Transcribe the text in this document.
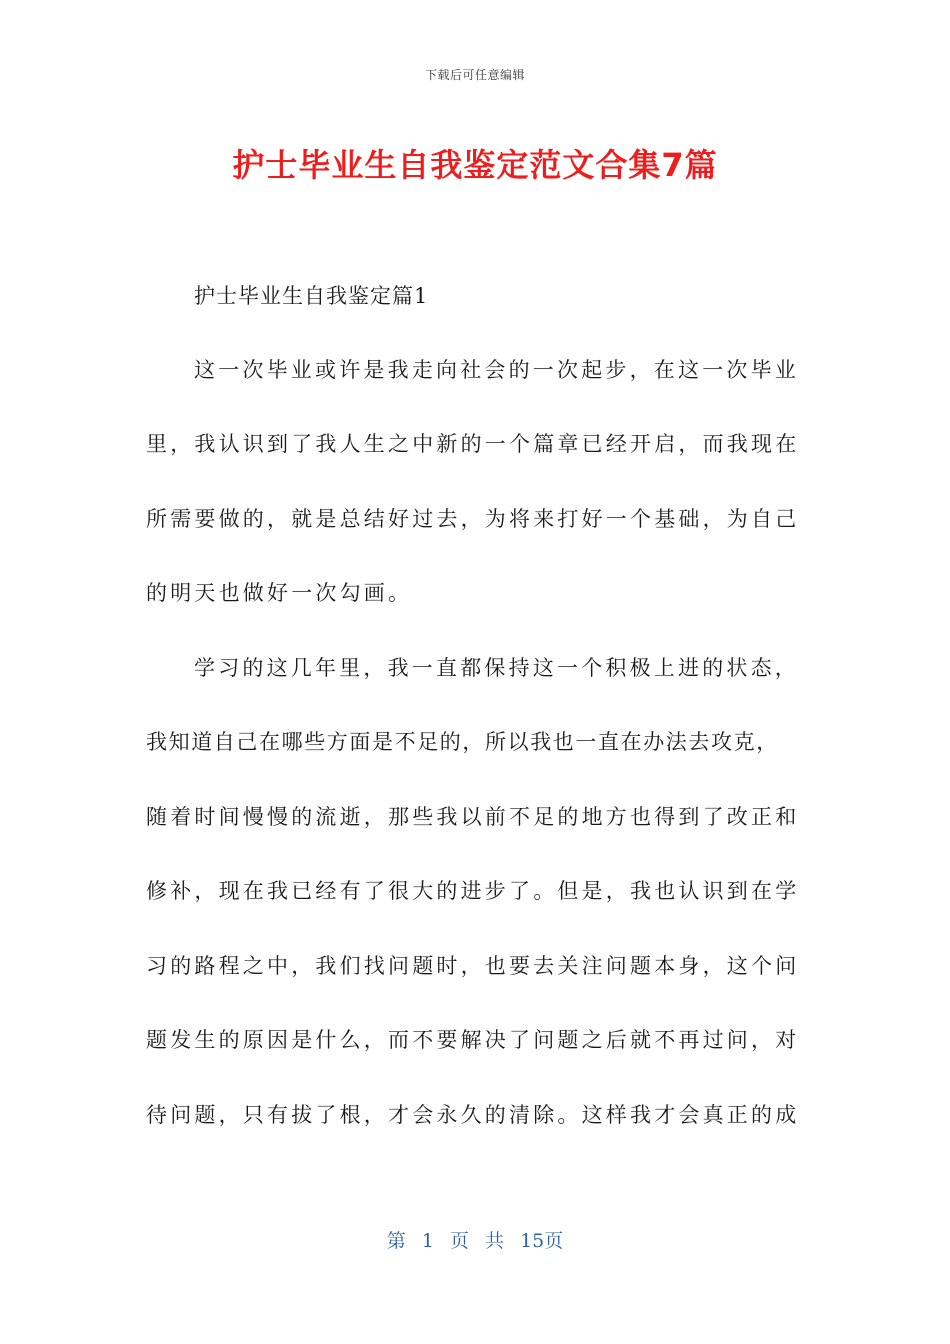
下载后可任意编辑
护士毕业生自我鉴定范文合集7篇
护士毕业生自我鉴定篇1
这一次毕业或许是我走向社会的一次起步，在这一次毕业
里，我认识到了我人生之中新的一个篇章已经开启，而我现在
所需要做的，就是总结好过去，为将来打好一个基础，为自己
的明天也做好一次勾画。
学习的这几年里，我一直都保持这一个积极上进的状态，
我知道自己在哪些方面是不足的，所以我也一直在办法去攻克，
随着时间慢慢的流逝，那些我以前不足的地方也得到了改正和
修补，现在我已经有了很大的进步了。但是，我也认识到在学
习的路程之中，我们找问题时，也要去关注问题本身，这个问
题发生的原因是什么，而不要解决了问题之后就不再过问，对
待问题，只有拔了根，才会永久的清除。这样我才会真正的成
第 1 页 共 15页
